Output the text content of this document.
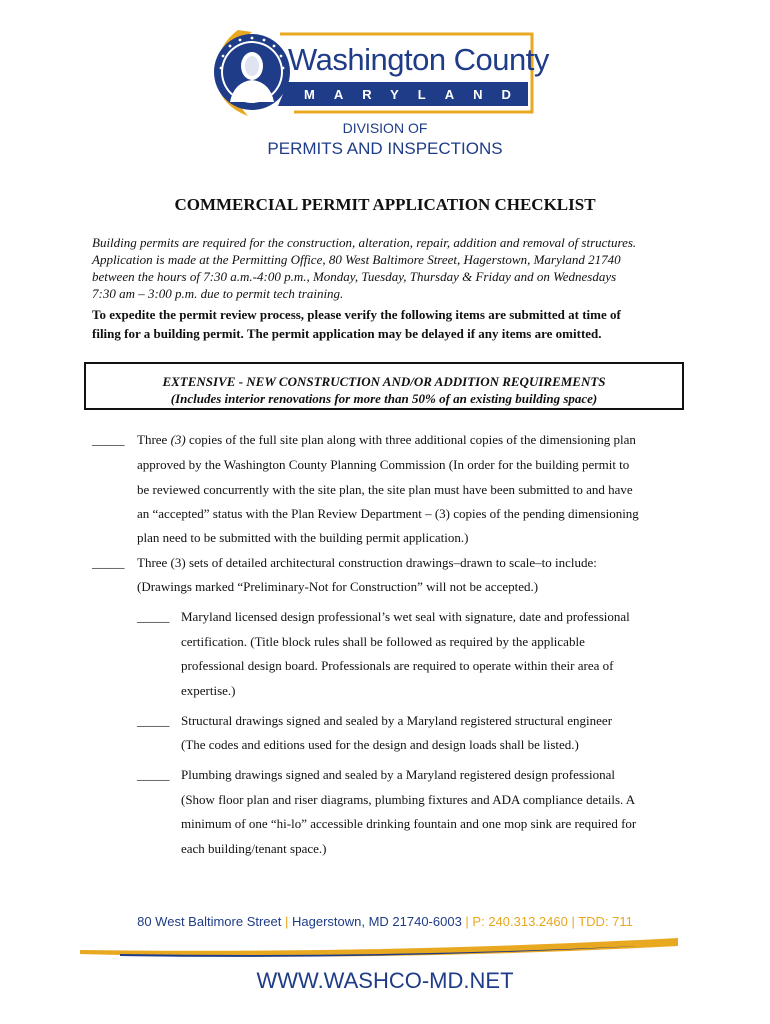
Washington County
MARYLAND
DIVISION OF
PERMITS AND INSPECTIONS
COMMERCIAL PERMIT APPLICATION CHECKLIST
Building permits are required for the construction, alteration, repair, addition and removal of structures.
Application is made at the Permitting Office, 80 West Baltimore Street, Hagerstown, Maryland 21740
between the hours of 7:30 a.m.-4:00 p.m., Monday, Tuesday, Thursday & Friday and on Wednesdays
7:30 am – 3:00 p.m. due to permit tech training.
To expedite the permit review process, please verify the following items are submitted at time of
filing for a building permit. The permit application may be delayed if any items are omitted.
EXTENSIVE - NEW CONSTRUCTION AND/OR ADDITION REQUIREMENTS
(Includes interior renovations for more than 50% of an existing building space)
_____ Three (3) copies of the full site plan along with three additional copies of the dimensioning plan
approved by the Washington County Planning Commission (In order for the building permit to
be reviewed concurrently with the site plan, the site plan must have been submitted to and have
an “accepted” status with the Plan Review Department – (3) copies of the pending dimensioning
plan need to be submitted with the building permit application.)
_____ Three (3) sets of detailed architectural construction drawings–drawn to scale–to include:
(Drawings marked “Preliminary-Not for Construction” will not be accepted.)
_____ Maryland licensed design professional’s wet seal with signature, date and professional
certification. (Title block rules shall be followed as required by the applicable
professional design board. Professionals are required to operate within their area of
expertise.)
_____ Structural drawings signed and sealed by a Maryland registered structural engineer
(The codes and editions used for the design and design loads shall be listed.)
_____ Plumbing drawings signed and sealed by a Maryland registered design professional
(Show floor plan and riser diagrams, plumbing fixtures and ADA compliance details. A
minimum of one “hi-lo” accessible drinking fountain and one mop sink are required for
each building/tenant space.)
80 West Baltimore Street | Hagerstown, MD 21740-6003 | P: 240.313.2460 | TDD: 711
WWW.WASHCO-MD.NET
